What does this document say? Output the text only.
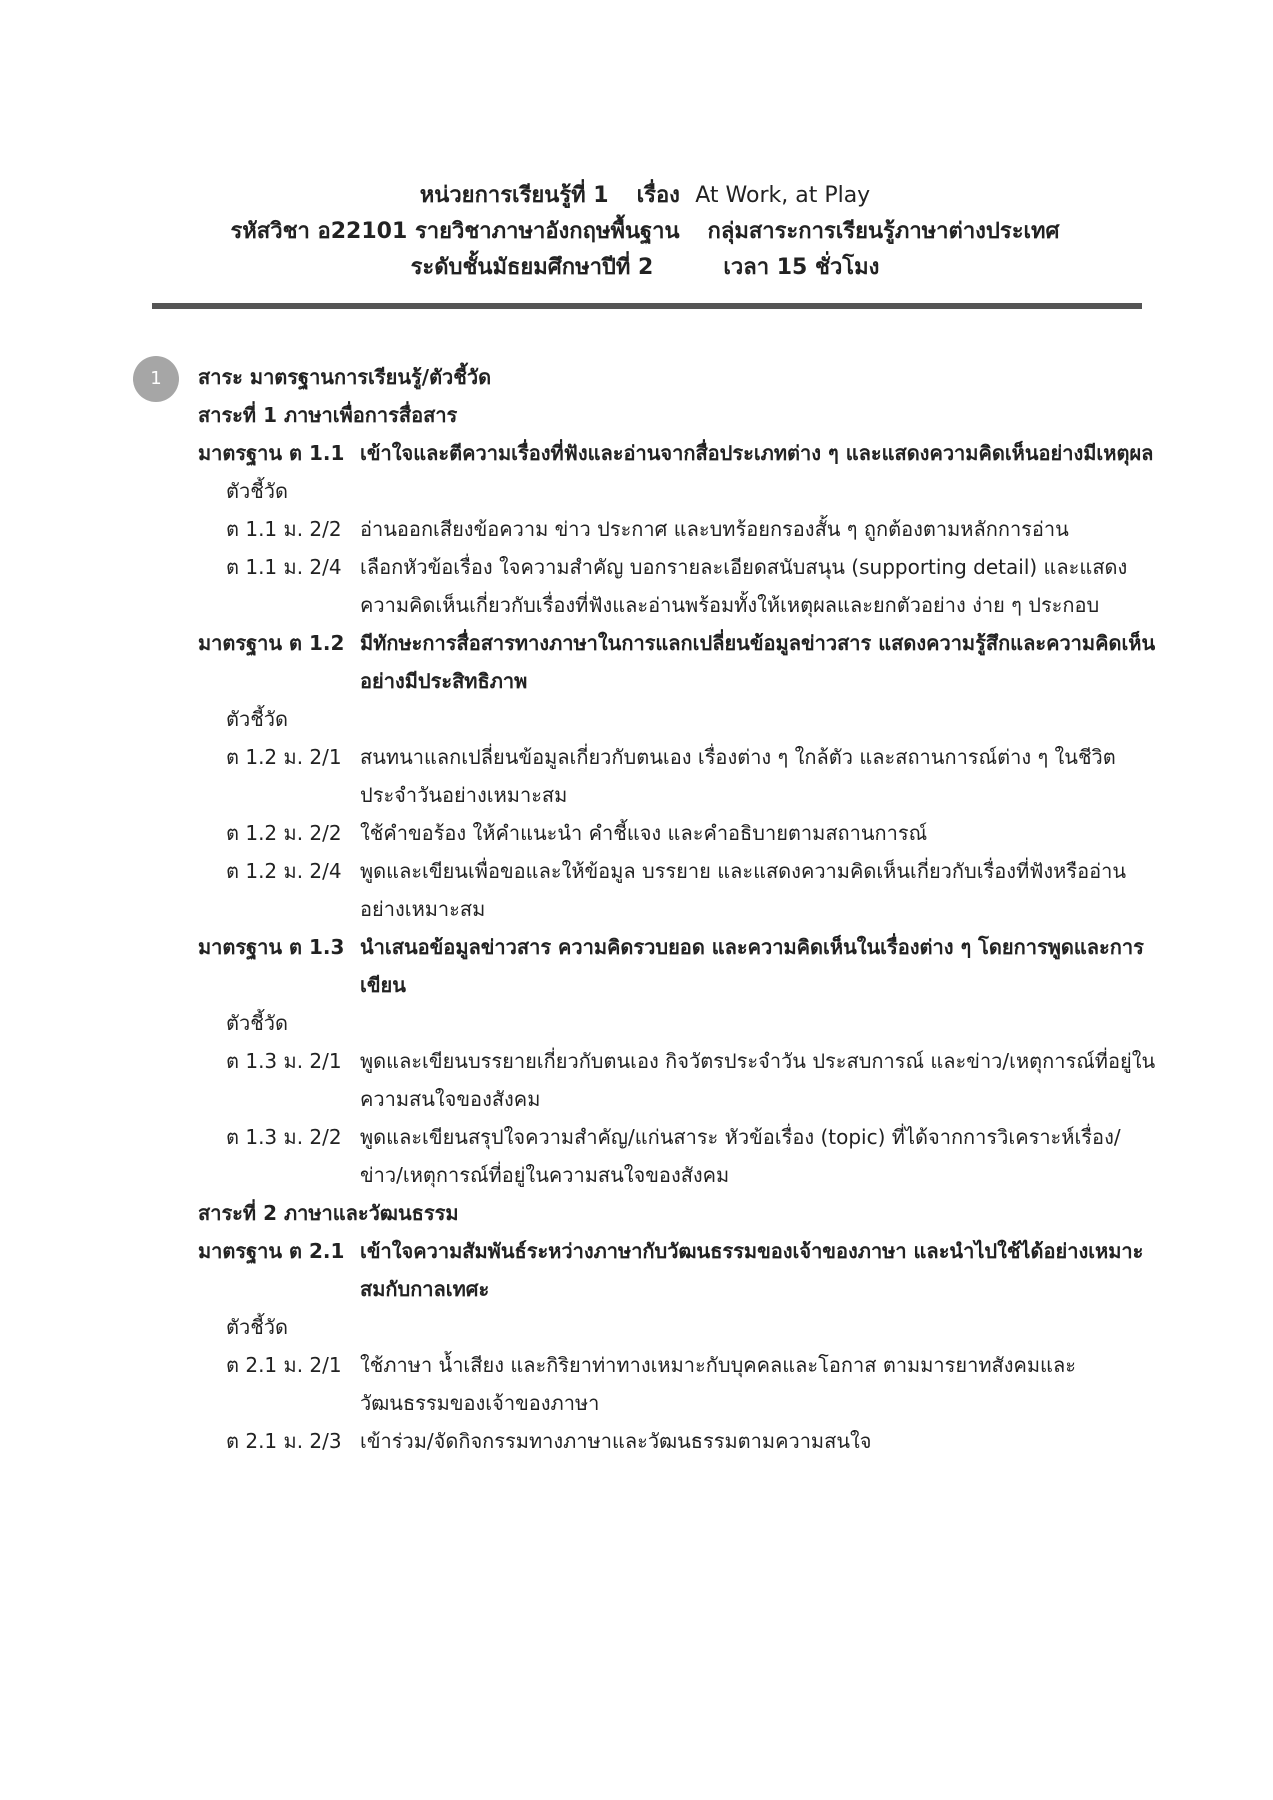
หน่วยการเรียนรู้ที่ 1 เรื่อง At Work, at Play
รหัสวิชา อ22101 รายวิชาภาษาอังกฤษพื้นฐาน กลุ่มสาระการเรียนรู้ภาษาต่างประเทศ
ระดับชั้นมัธยมศึกษาปีที่ 2	เวลา 15 ชั่วโมง
1	สาระ มาตรฐานการเรียนรู้/ตัวชี้วัด
สาระที่ 1 ภาษาเพื่อการสื่อสาร
มาตรฐาน ต 1.1 เข้าใจและตีความเรื่องที่ฟังและอ่านจากสื่อประเภทต่าง ๆ และแสดงความคิดเห็นอย่างมีเหตุผล
ตัวชี้วัด
ต 1.1 ม. 2/2 อ่านออกเสียงข้อความ ข่าว ประกาศ และบทร้อยกรองสั้น ๆ ถูกต้องตามหลักการอ่าน
ต 1.1 ม. 2/4 เลือกหัวข้อเรื่อง ใจความสำคัญ บอกรายละเอียดสนับสนุน (supporting detail) และแสดงความคิดเห็นเกี่ยวกับเรื่องที่ฟังและอ่านพร้อมทั้งให้เหตุผลและยกตัวอย่าง ง่าย ๆ ประกอบ
มาตรฐาน ต 1.2 มีทักษะการสื่อสารทางภาษาในการแลกเปลี่ยนข้อมูลข่าวสาร แสดงความรู้สึกและความคิดเห็นอย่างมีประสิทธิภาพ
ตัวชี้วัด
ต 1.2 ม. 2/1 สนทนาแลกเปลี่ยนข้อมูลเกี่ยวกับตนเอง เรื่องต่าง ๆ ใกล้ตัว และสถานการณ์ต่าง ๆ ในชีวิตประจำวันอย่างเหมาะสม
ต 1.2 ม. 2/2 ใช้คำขอร้อง ให้คำแนะนำ คำชี้แจง และคำอธิบายตามสถานการณ์
ต 1.2 ม. 2/4 พูดและเขียนเพื่อขอและให้ข้อมูล บรรยาย และแสดงความคิดเห็นเกี่ยวกับเรื่องที่ฟังหรืออ่านอย่างเหมาะสม
มาตรฐาน ต 1.3 นำเสนอข้อมูลข่าวสาร ความคิดรวบยอด และความคิดเห็นในเรื่องต่าง ๆ โดยการพูดและการเขียน
ตัวชี้วัด
ต 1.3 ม. 2/1 พูดและเขียนบรรยายเกี่ยวกับตนเอง กิจวัตรประจำวัน ประสบการณ์ และข่าว/เหตุการณ์ที่อยู่ในความสนใจของสังคม
ต 1.3 ม. 2/2 พูดและเขียนสรุปใจความสำคัญ/แก่นสาระ หัวข้อเรื่อง (topic) ที่ได้จากการวิเคราะห์เรื่อง/ข่าว/เหตุการณ์ที่อยู่ในความสนใจของสังคม
สาระที่ 2 ภาษาและวัฒนธรรม
มาตรฐาน ต 2.1 เข้าใจความสัมพันธ์ระหว่างภาษากับวัฒนธรรมของเจ้าของภาษา และนำไปใช้ได้อย่างเหมาะสมกับกาลเทศะ
ตัวชี้วัด
ต 2.1 ม. 2/1 ใช้ภาษา น้ำเสียง และกิริยาท่าทางเหมาะกับบุคคลและโอกาส ตามมารยาทสังคมและวัฒนธรรมของเจ้าของภาษา
ต 2.1 ม. 2/3 เข้าร่วม/จัดกิจกรรมทางภาษาและวัฒนธรรมตามความสนใจ
